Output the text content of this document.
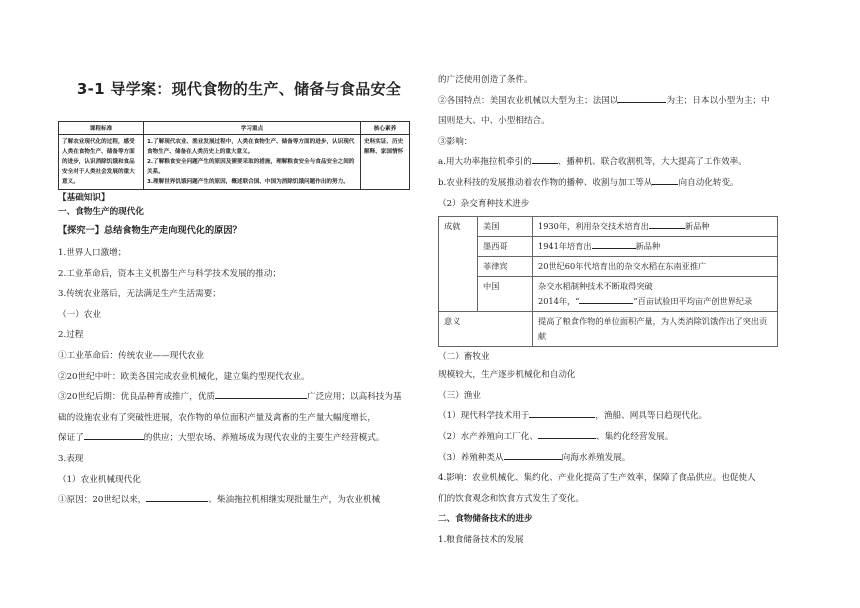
3-1 导学案：现代食物的生产、储备与食品安全
课程标准	学习重点	核心素养
了解农业现代化的过程，感受人类在食物生产、储备等方面的进步，认识消除饥饿和食品安全对于人类社会发展的重大意义。	1.了解现代农业、渔业发展过程中，人类在食物生产、储备等方面的进步，认识现代食物生产、储备在人类历史上的重大意义。
2.了解粮食安全问题产生的原因及需要采取的措施，理解粮食安全与食品安全之间的关系。
3.理解世界饥饿问题产生的原因，概述联合国、中国为消除饥饿问题作出的努力。	史料实证、历史解释、家国情怀
【基础知识】
一、食物生产的现代化
【探究一】总结食物生产走向现代化的原因？
1.世界人口激增；
2.工业革命后，资本主义机器生产与科学技术发展的推动；
3.传统农业落后，无法满足生产生活需要；
（一）农业
2.过程
①工业革命后：传统农业——现代农业
②20世纪中叶：欧美各国完成农业机械化，建立集约型现代农业。
③20世纪后期：优良品种育成推广，优质	广泛应用；以高科技为基
础的设施农业有了突破性进展，农作物的单位面积产量及禽畜的生产量大幅度增长，
保证了	的供应；大型农场、养殖场成为现代农业的主要生产经营模式。
3.表现
（1）农业机械现代化
①原因：20世纪以来，	、柴油拖拉机相继实现批量生产，为农业机械
的广泛使用创造了条件。
②各国特点：美国农业机械以大型为主；法国以	为主；日本以小型为主；中
国则是大、中、小型相结合。
③影响：
a.用大功率拖拉机牵引的	、播种机、联合收割机等，大大提高了工作效率。
b.农业科技的发展推动着农作物的播种、收割与加工等从	向自动化转变。
（2）杂交育种技术进步
成就	美国	1930年，利用杂交技术培育出 新品种
	墨西哥	1941年培育出 新品种
	菲律宾	20世纪60年代培育出的杂交水稻在东南亚推广
	中国	杂交水稻制种技术不断取得突破
2014年，“ ”百亩试验田平均亩产创世界纪录

意义		提高了粮食作物的单位面积产量，为人类消除饥饿作出了突出贡献
（二）畜牧业
规模较大，生产逐步机械化和自动化
（三）渔业
（1）现代科学技术用于	，渔船、网具等日趋现代化。
（2）水产养殖向工厂化、	、集约化经营发展。
（3）养殖种类从	向海水养殖发展。
4.影响：农业机械化、集约化、产业化提高了生产效率，保障了食品供应。也促使人
们的饮食观念和饮食方式发生了变化。
二、食物储备技术的进步
1.粮食储备技术的发展
